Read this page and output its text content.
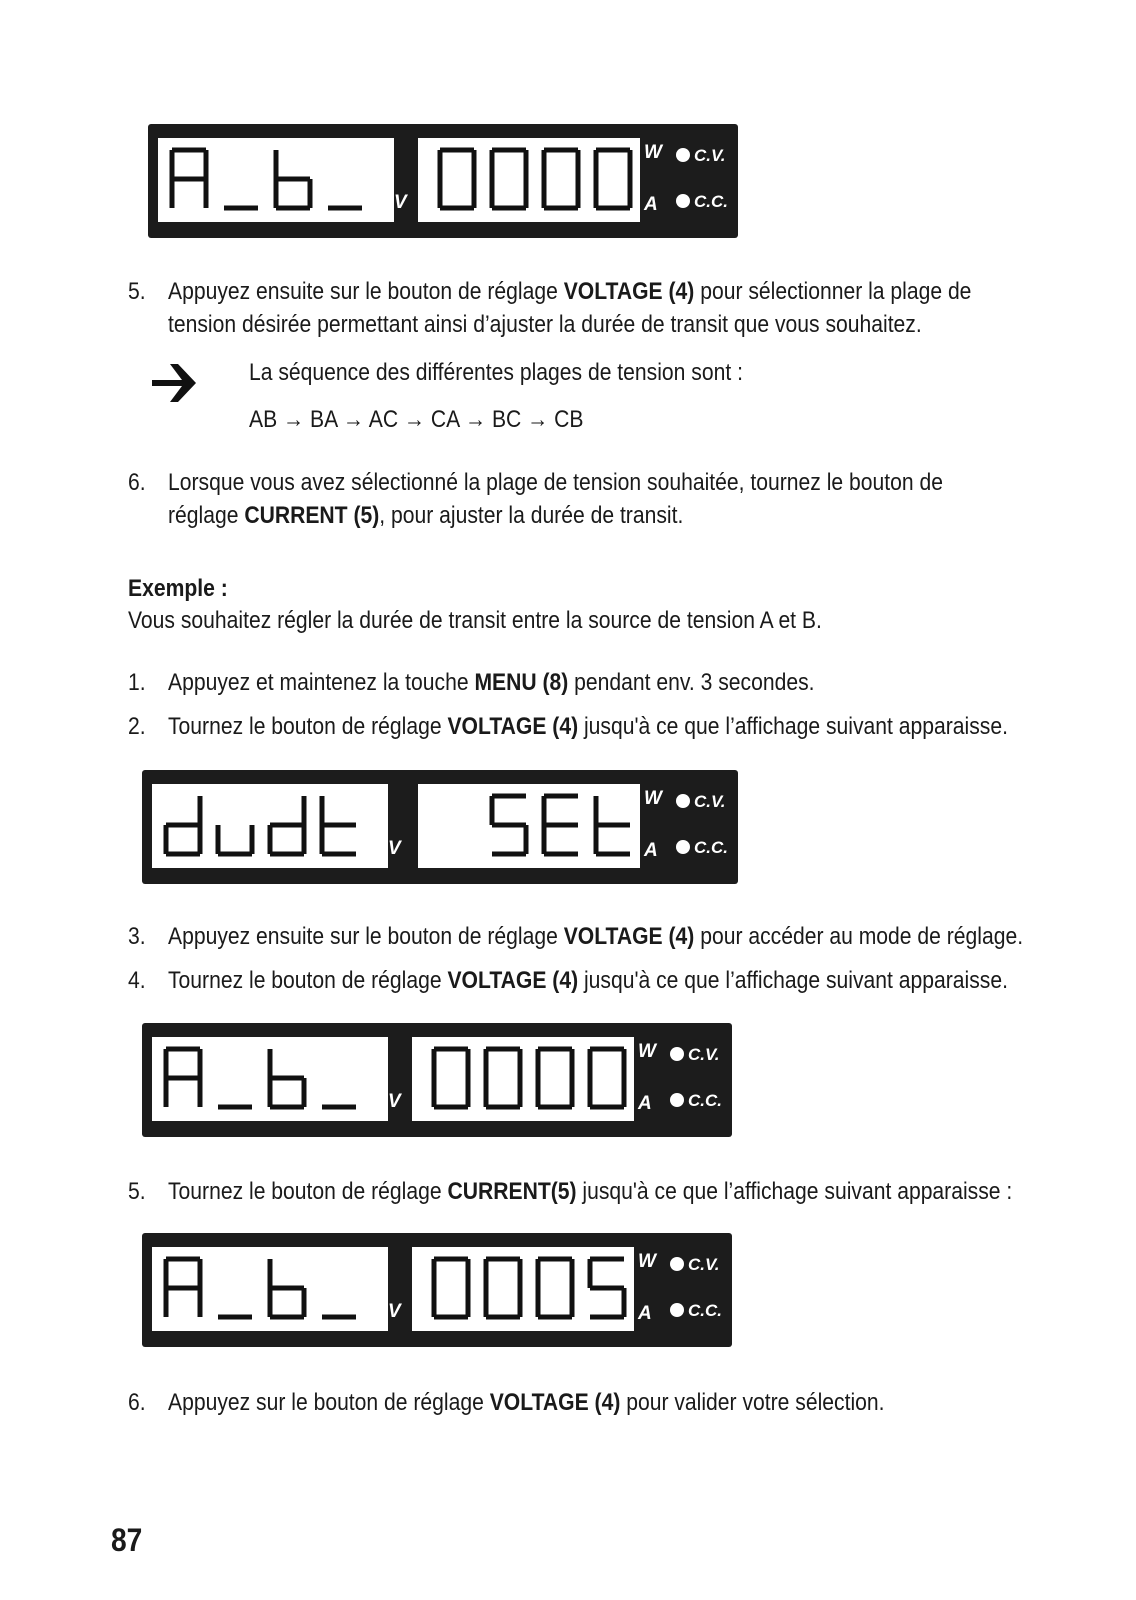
V
W
A
C.V.
C.C.

5. Appuyez ensuite sur le bouton de réglage VOLTAGE (4) pour sélectionner la plage de
tension désirée permettant ainsi d’ajuster la durée de transit que vous souhaitez.

La séquence des différentes plages de tension sont :

AB → BA → AC → CA → BC → CB

6. Lorsque vous avez sélectionné la plage de tension souhaitée, tournez le bouton de
réglage CURRENT (5), pour ajuster la durée de transit.

Exemple :

Vous souhaitez régler la durée de transit entre la source de tension A et B.

1. Appuyez et maintenez la touche MENU (8) pendant env. 3 secondes.

2. Tournez le bouton de réglage VOLTAGE (4) jusqu'à ce que l’affichage suivant apparaisse.

V
W
A
C.V.
C.C.

3. Appuyez ensuite sur le bouton de réglage VOLTAGE (4) pour accéder au mode de réglage.

4. Tournez le bouton de réglage VOLTAGE (4) jusqu'à ce que l’affichage suivant apparaisse.

V
W
A
C.V.
C.C.

5. Tournez le bouton de réglage CURRENT(5) jusqu'à ce que l’affichage suivant apparaisse :

V
W
A
C.V.
C.C.

6. Appuyez sur le bouton de réglage VOLTAGE (4) pour valider votre sélection.

87
